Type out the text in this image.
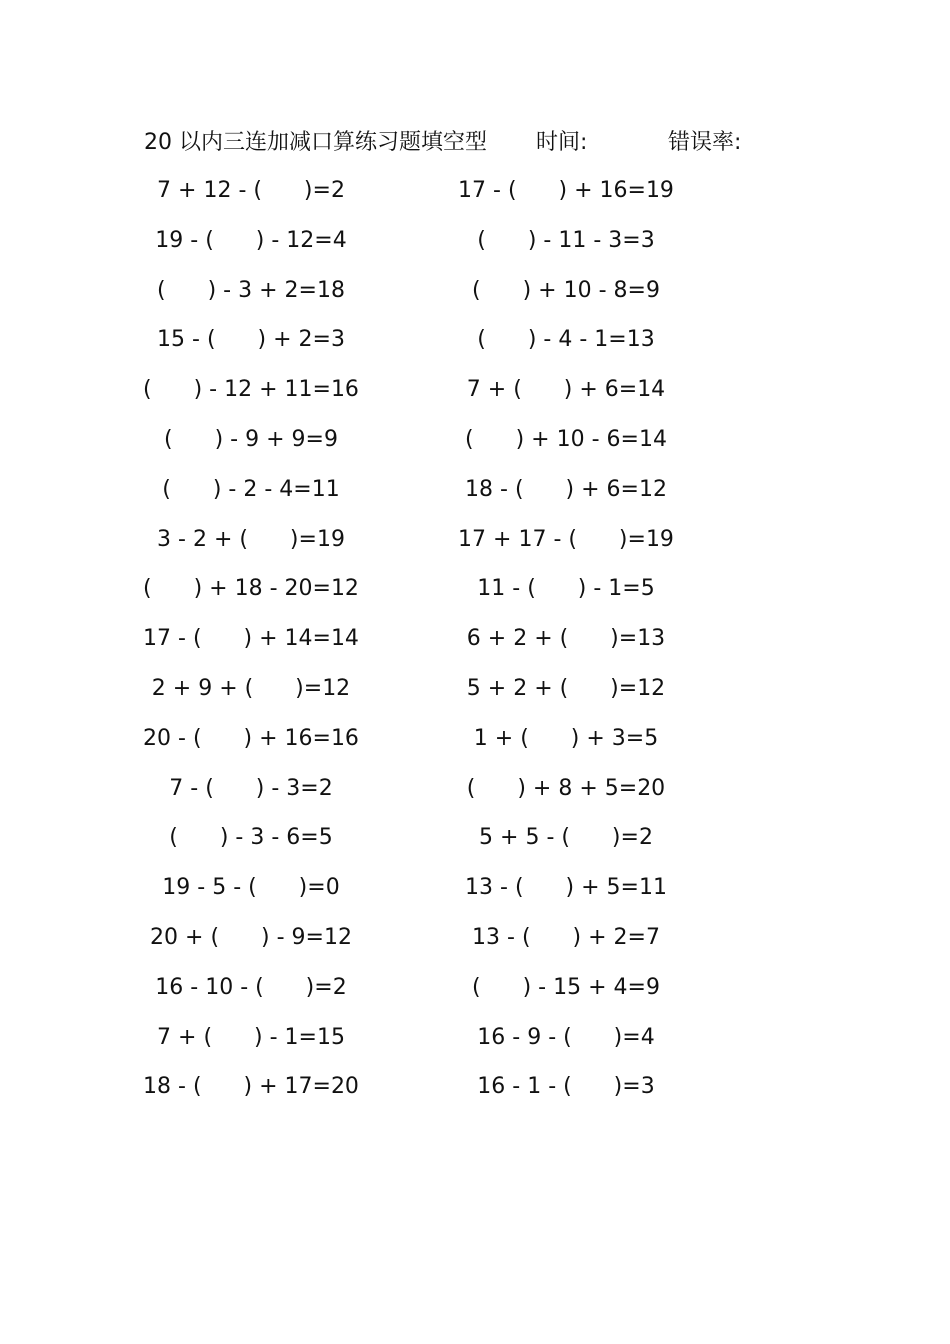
20 以内三连加减口算练习题填空型 时间:	错误率:
7 + 12 - (      )=2
19 - (      ) - 12=4
(      ) - 3 + 2=18
15 - (      ) + 2=3
(      ) - 12 + 11=16
(      ) - 9 + 9=9
(      ) - 2 - 4=11
3 - 2 + (      )=19
(      ) + 18 - 20=12
17 - (      ) + 14=14
2 + 9 + (      )=12
20 - (      ) + 16=16
7 - (      ) - 3=2
(      ) - 3 - 6=5
19 - 5 - (      )=0
20 + (      ) - 9=12
16 - 10 - (      )=2
7 + (      ) - 1=15
18 - (      ) + 17=20
17 - (      ) + 16=19
(      ) - 11 - 3=3
(      ) + 10 - 8=9
(      ) - 4 - 1=13
7 + (      ) + 6=14
(      ) + 10 - 6=14
18 - (      ) + 6=12
17 + 17 - (      )=19
11 - (      ) - 1=5
6 + 2 + (      )=13
5 + 2 + (      )=12
1 + (      ) + 3=5
(      ) + 8 + 5=20
5 + 5 - (      )=2
13 - (      ) + 5=11
13 - (      ) + 2=7
(      ) - 15 + 4=9
16 - 9 - (      )=4
16 - 1 - (      )=3
